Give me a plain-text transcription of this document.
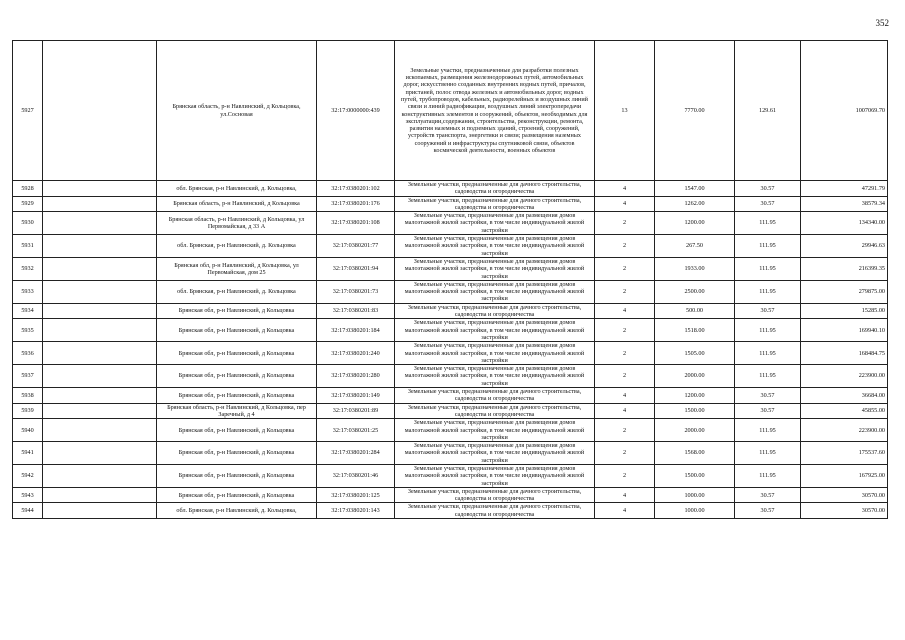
352
5927		Брянская область, р-н Навлинский, д Кольцовка, ул.Сосновая	32:17:0000000:439	Земельные участки, предназначенные для разработки полезных ископаемых, размещения железнодорожных путей, автомобильных дорог, искусственно созданных внутренних водных путей, причалов, пристаней, полос отвода железных и автомобильных дорог, водных путей, трубопроводов, кабельных, радиорелейных и воздушных линий связи и линий радиофикации, воздушных линий электропередачи конструктивных элементов и сооружений, объектов, необходимых для эксплуатации,содержания, строительства, реконструкции, ремонта, развития наземных и подземных зданий, строений, сооружений, устройств транспорта, энергетики и связи; размещения наземных сооружений и инфраструктуры спутниковой связи, объектов космической деятельности, военных объектов	13	7770.00	129.61	1007069.70
5928		обл. Брянская, р-н Навлинский, д. Кольцовка,	32:17:0380201:102	Земельные участки, предназначенные для дачного строительства, садоводства и огородничества	4	1547.00	30.57	47291.79
5929		Брянская область, р-н Навлинский, д Кольцовка	32:17:0380201:176	Земельные участки, предназначенные для дачного строительства, садоводства и огородничества	4	1262.00	30.57	38579.34
5930		Брянская область, р-н Навлинский, д Кольцовка, ул Первомайская, д 33 А	32:17:0380201:108	Земельные участки, предназначенные для размещения домов малоэтажной жилой застройки, в том числе индивидуальной жилой застройки	2	1200.00	111.95	134340.00
5931		обл. Брянская, р-н Навлинский, д. Кольцовка	32:17:0380201:77	Земельные участки, предназначенные для размещения домов малоэтажной жилой застройки, в том числе индивидуальной жилой застройки	2	267.50	111.95	29946.63
5932		Брянская обл, р-н Навлинский, д Кольцовка, ул Первомайская, дом 25	32:17:0380201:94	Земельные участки, предназначенные для размещения домов малоэтажной жилой застройки, в том числе индивидуальной жилой застройки	2	1933.00	111.95	216399.35
5933		обл. Брянская, р-н Навлинский, д. Кольцовка	32:17:0380201:73	Земельные участки, предназначенные для размещения домов малоэтажной жилой застройки, в том числе индивидуальной жилой застройки	2	2500.00	111.95	279875.00
5934		Брянская обл, р-н Навлинский, д Кольцовка	32:17:0380201:83	Земельные участки, предназначенные для дачного строительства, садоводства и огородничества	4	500.00	30.57	15285.00
5935		Брянская обл, р-н Навлинский, д Кольцовка	32:17:0380201:184	Земельные участки, предназначенные для размещения домов малоэтажной жилой застройки, в том числе индивидуальной жилой застройки	2	1518.00	111.95	169940.10
5936		Брянская обл, р-н Навлинский, д Кольцовка	32:17:0380201:240	Земельные участки, предназначенные для размещения домов малоэтажной жилой застройки, в том числе индивидуальной жилой застройки	2	1505.00	111.95	168484.75
5937		Брянская обл, р-н Навлинский, д Кольцовка	32:17:0380201:280	Земельные участки, предназначенные для размещения домов малоэтажной жилой застройки, в том числе индивидуальной жилой застройки	2	2000.00	111.95	223900.00
5938		Брянская обл, р-н Навлинский, д Кольцовка	32:17:0380201:149	Земельные участки, предназначенные для дачного строительства, садоводства и огородничества	4	1200.00	30.57	36684.00
5939		Брянская область, р-н Навлинский, д Кольцовка, пер Заречный, д 4	32:17:0380201:89	Земельные участки, предназначенные для дачного строительства, садоводства и огородничества	4	1500.00	30.57	45855.00
5940		Брянская обл, р-н Навлинский, д Кольцовка	32:17:0380201:25	Земельные участки, предназначенные для размещения домов малоэтажной жилой застройки, в том числе индивидуальной жилой застройки	2	2000.00	111.95	223900.00
5941		Брянская обл, р-н Навлинский, д Кольцовка	32:17:0380201:284	Земельные участки, предназначенные для размещения домов малоэтажной жилой застройки, в том числе индивидуальной жилой застройки	2	1568.00	111.95	175537.60
5942		Брянская обл, р-н Навлинский, д Кольцовка	32:17:0380201:46	Земельные участки, предназначенные для размещения домов малоэтажной жилой застройки, в том числе индивидуальной жилой застройки	2	1500.00	111.95	167925.00
5943		Брянская обл, р-н Навлинский, д Кольцовка	32:17:0380201:125	Земельные участки, предназначенные для дачного строительства, садоводства и огородничества	4	1000.00	30.57	30570.00
5944		обл. Брянская, р-н Навлинский, д. Кольцовка,	32:17:0380201:143	Земельные участки, предназначенные для дачного строительства, садоводства и огородничества	4	1000.00	30.57	30570.00
